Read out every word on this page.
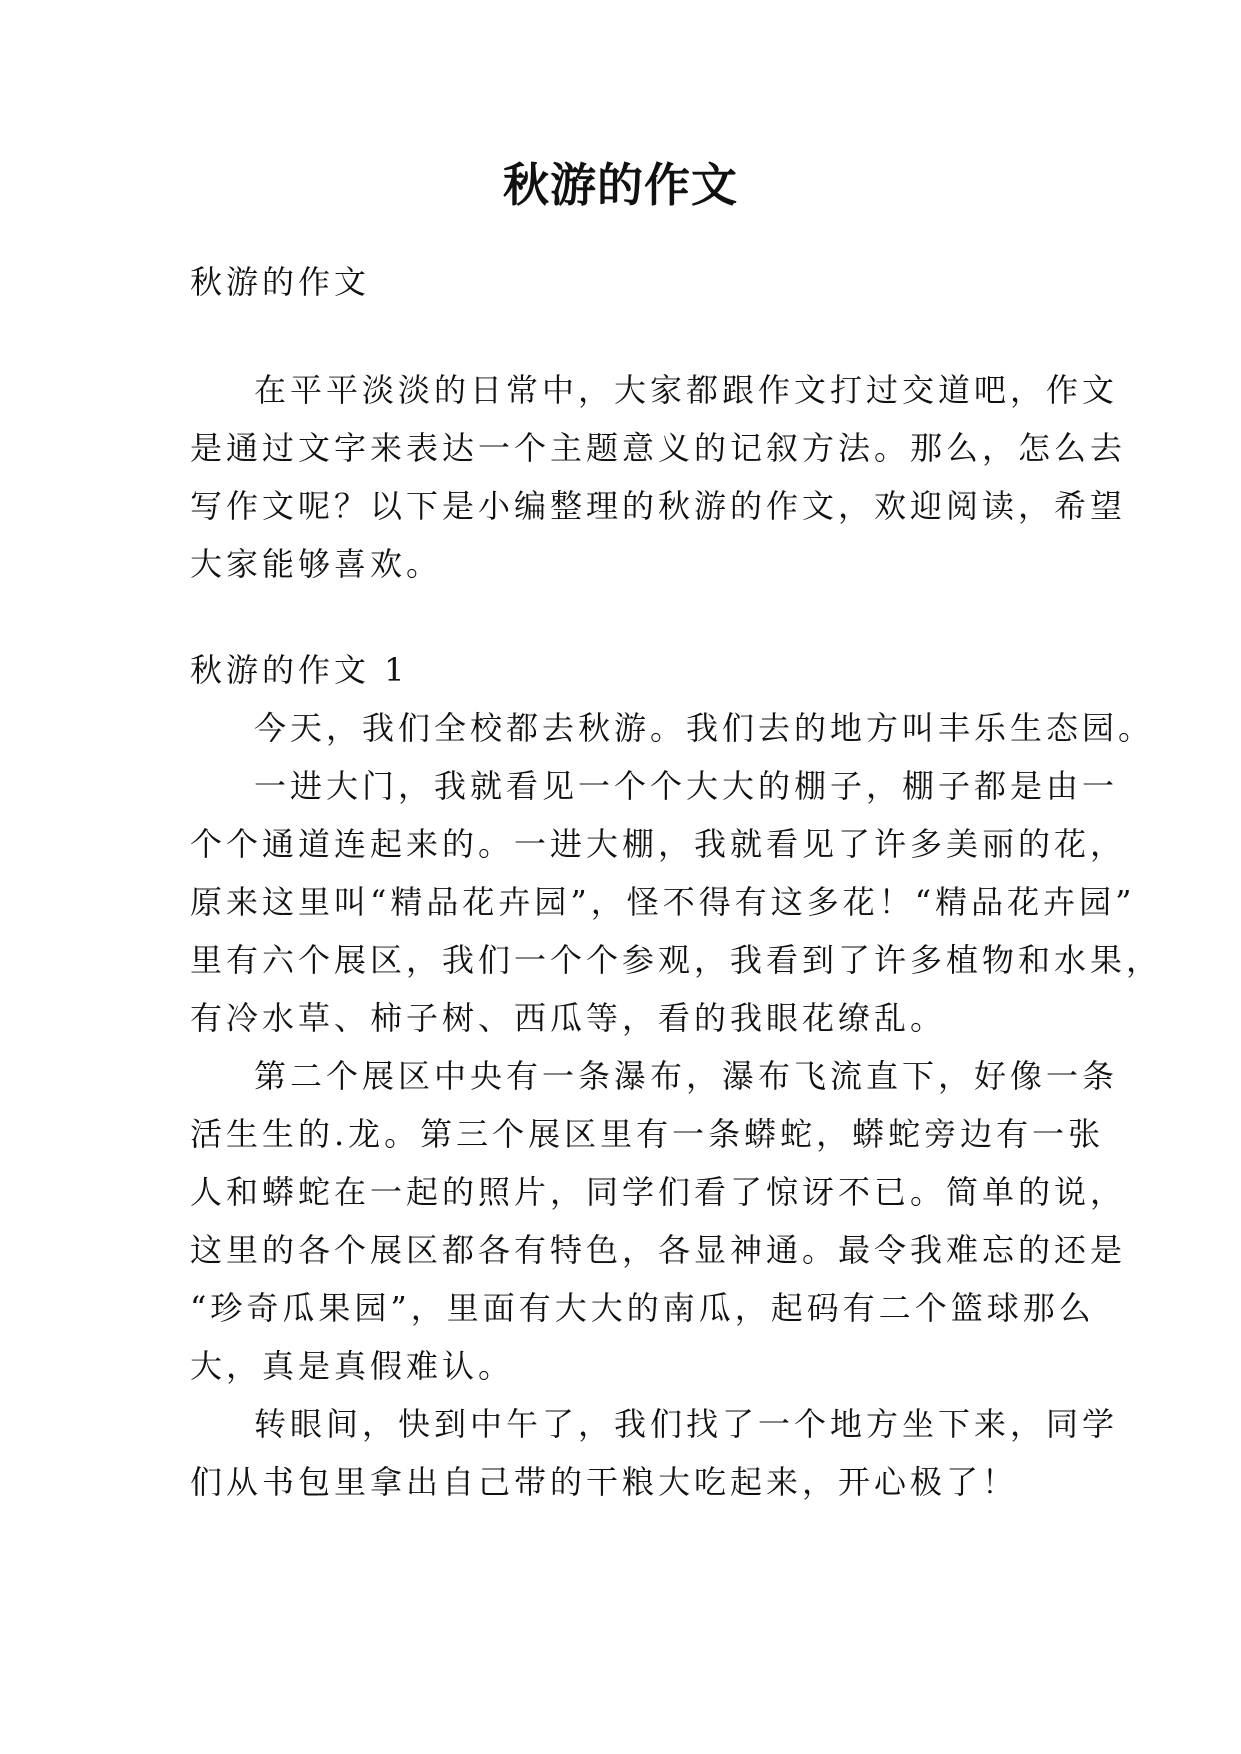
秋游的作文
秋游的作文
在平平淡淡的日常中，大家都跟作文打过交道吧，作文
是通过文字来表达一个主题意义的记叙方法。那么，怎么去
写作文呢？以下是小编整理的秋游的作文，欢迎阅读，希望
大家能够喜欢。
秋游的作文 1
今天，我们全校都去秋游。我们去的地方叫丰乐生态园。
一进大门，我就看见一个个大大的棚子，棚子都是由一
个个通道连起来的。一进大棚，我就看见了许多美丽的花，
原来这里叫“精品花卉园”，怪不得有这多花！“精品花卉园”
里有六个展区，我们一个个参观，我看到了许多植物和水果，
有冷水草、柿子树、西瓜等，看的我眼花缭乱。
第二个展区中央有一条瀑布，瀑布飞流直下，好像一条
活生生的.龙。第三个展区里有一条蟒蛇，蟒蛇旁边有一张
人和蟒蛇在一起的照片，同学们看了惊讶不已。简单的说，
这里的各个展区都各有特色，各显神通。最令我难忘的还是
“珍奇瓜果园”，里面有大大的南瓜，起码有二个篮球那么
大，真是真假难认。
转眼间，快到中午了，我们找了一个地方坐下来，同学
们从书包里拿出自己带的干粮大吃起来，开心极了！
